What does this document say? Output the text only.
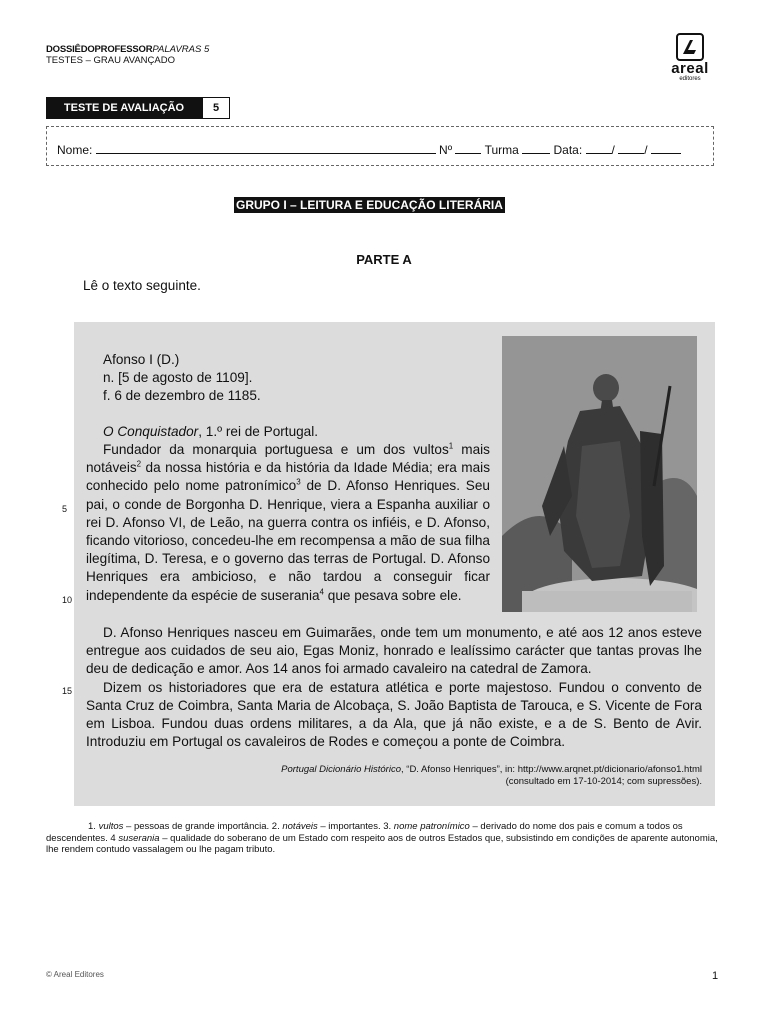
DOSSIÊDOPROFESSORPALAVRAS 5
TESTES – GRAU AVANÇADO	areal
editores
TESTE DE AVALIAÇÃO	5
Nome:	Nº	Turma	Data: / /
GRUPO I – LEITURA E EDUCAÇÃO LITERÁRIA
PARTE A
Lê o texto seguinte.
5
10
15
Afonso I (D.)
n. [5 de agosto de 1109].
f. 6 de dezembro de 1185.

O Conquistador, 1.º rei de Portugal.

Fundador da monarquia portuguesa e um dos vultos$^1$ mais notáveis$^2$ da nossa história e da história da Idade Média; era mais conhecido pelo nome patronímico$^3$ de D. Afonso Henriques. Seu pai, o conde de Borgonha D. Henrique, viera a Espanha auxiliar o rei D. Afonso VI, de Leão, na guerra contra os infiéis, e D. Afonso, ficando vitorioso, concedeu-lhe em recompensa a mão de sua filha ilegítima, D. Teresa, e o governo das terras de Portugal. D. Afonso Henriques era ambicioso, e não tardou a conseguir ficar independente da espécie de suserania$^4$ que pesava sobre ele.

D. Afonso Henriques nasceu em Guimarães, onde tem um monumento, e até aos 12 anos esteve entregue aos cuidados de seu aio, Egas Moniz, honrado e lealíssimo carácter que tantas provas lhe deu de dedicação e amor. Aos 14 anos foi armado cavaleiro na catedral de Zamora.

Dizem os historiadores que era de estatura atlética e porte majestoso. Fundou o convento de Santa Cruz de Coimbra, Santa Maria de Alcobaça, S. João Baptista de Tarouca, e S. Vicente de Fora em Lisboa. Fundou duas ordens militares, a da Ala, que já não existe, e a de S. Bento de Avir. Introduziu em Portugal os cavaleiros de Rodes e começou a ponte de Coimbra.

Portugal Dicionário Histórico, “D. Afonso Henriques”, in: http://www.arqnet.pt/dicionario/afonso1.html
(consultado em 17-10-2014; com supressões).
1. vultos – pessoas de grande importância. 2. notáveis – importantes. 3. nome patronímico – derivado do nome dos pais e comum a todos os descendentes. 4 suserania – qualidade do soberano de um Estado com respeito aos de outros Estados que, subsistindo em condições de aparente autonomia, lhe rendem contudo vassalagem ou lhe pagam tributo.
© Areal Editores	1
